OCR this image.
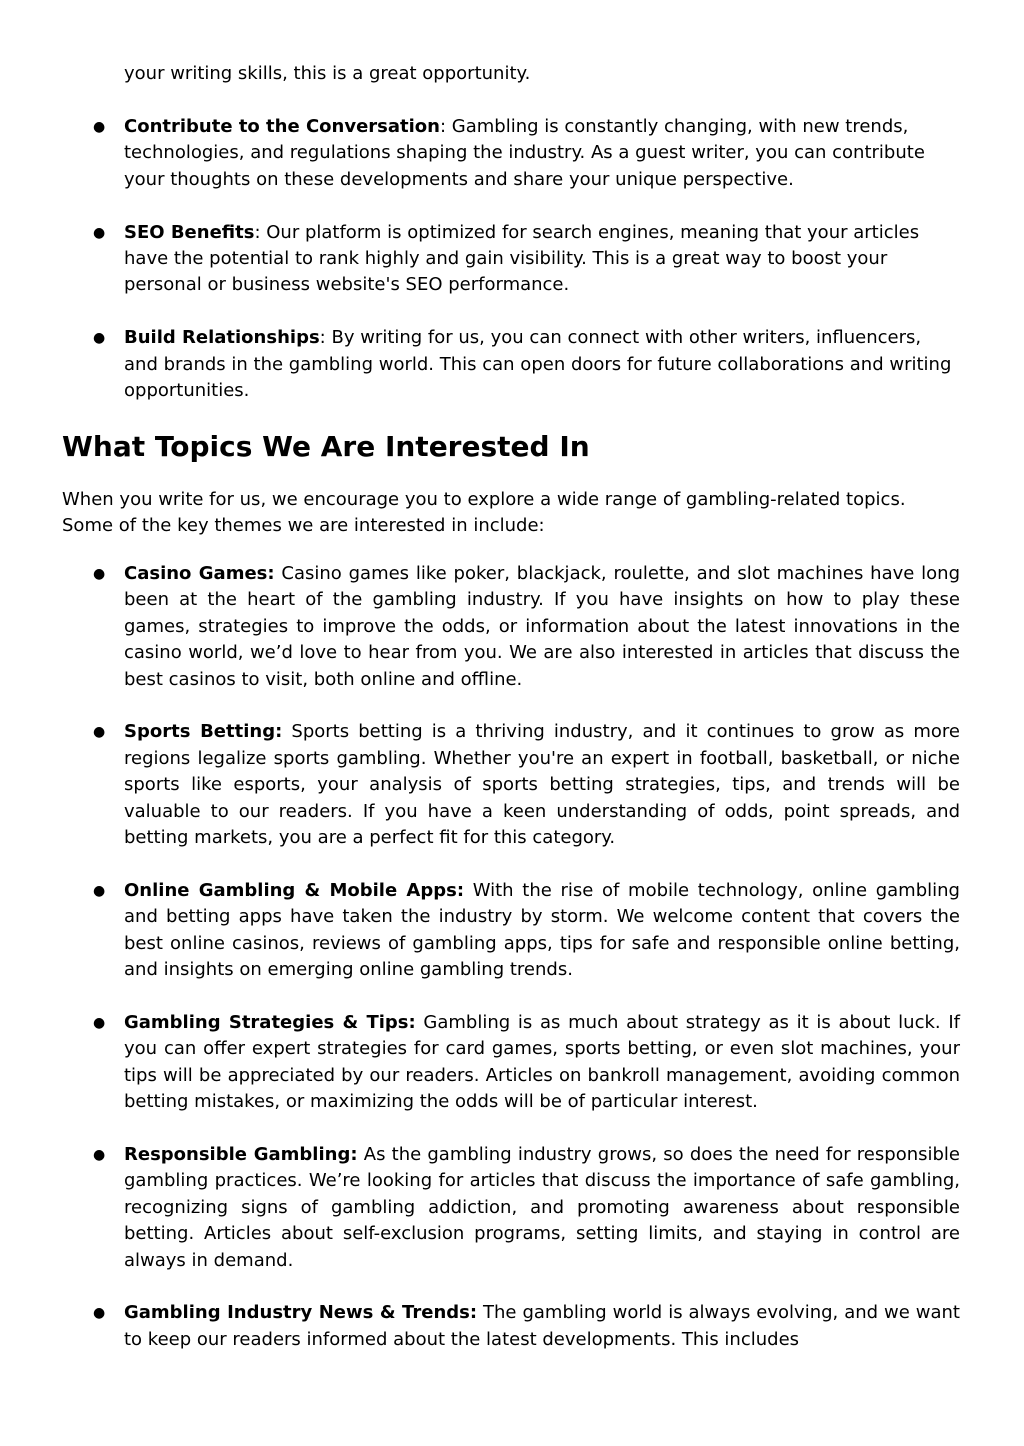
your writing skills, this is a great opportunity.

● Contribute to the Conversation: Gambling is constantly changing, with new trends, technologies, and regulations shaping the industry. As a guest writer, you can contribute your thoughts on these developments and share your unique perspective.
● SEO Benefits: Our platform is optimized for search engines, meaning that your articles have the potential to rank highly and gain visibility. This is a great way to boost your personal or business website's SEO performance.
● Build Relationships: By writing for us, you can connect with other writers, influencers, and brands in the gambling world. This can open doors for future collaborations and writing opportunities.
What Topics We Are Interested In

When you write for us, we encourage you to explore a wide range of gambling-related topics. Some of the key themes we are interested in include:

● Casino Games: Casino games like poker, blackjack, roulette, and slot machines have long been at the heart of the gambling industry. If you have insights on how to play these games, strategies to improve the odds, or information about the latest innovations in the casino world, we’d love to hear from you. We are also interested in articles that discuss the best casinos to visit, both online and offline.
● Sports Betting: Sports betting is a thriving industry, and it continues to grow as more regions legalize sports gambling. Whether you're an expert in football, basketball, or niche sports like esports, your analysis of sports betting strategies, tips, and trends will be valuable to our readers. If you have a keen understanding of odds, point spreads, and betting markets, you are a perfect fit for this category.
● Online Gambling & Mobile Apps: With the rise of mobile technology, online gambling and betting apps have taken the industry by storm. We welcome content that covers the best online casinos, reviews of gambling apps, tips for safe and responsible online betting, and insights on emerging online gambling trends.
● Gambling Strategies & Tips: Gambling is as much about strategy as it is about luck. If you can offer expert strategies for card games, sports betting, or even slot machines, your tips will be appreciated by our readers. Articles on bankroll management, avoiding common betting mistakes, or maximizing the odds will be of particular interest.
● Responsible Gambling: As the gambling industry grows, so does the need for responsible gambling practices. We’re looking for articles that discuss the importance of safe gambling, recognizing signs of gambling addiction, and promoting awareness about responsible betting. Articles about self-exclusion programs, setting limits, and staying in control are always in demand.
● Gambling Industry News & Trends: The gambling world is always evolving, and we want to keep our readers informed about the latest developments. This includes
